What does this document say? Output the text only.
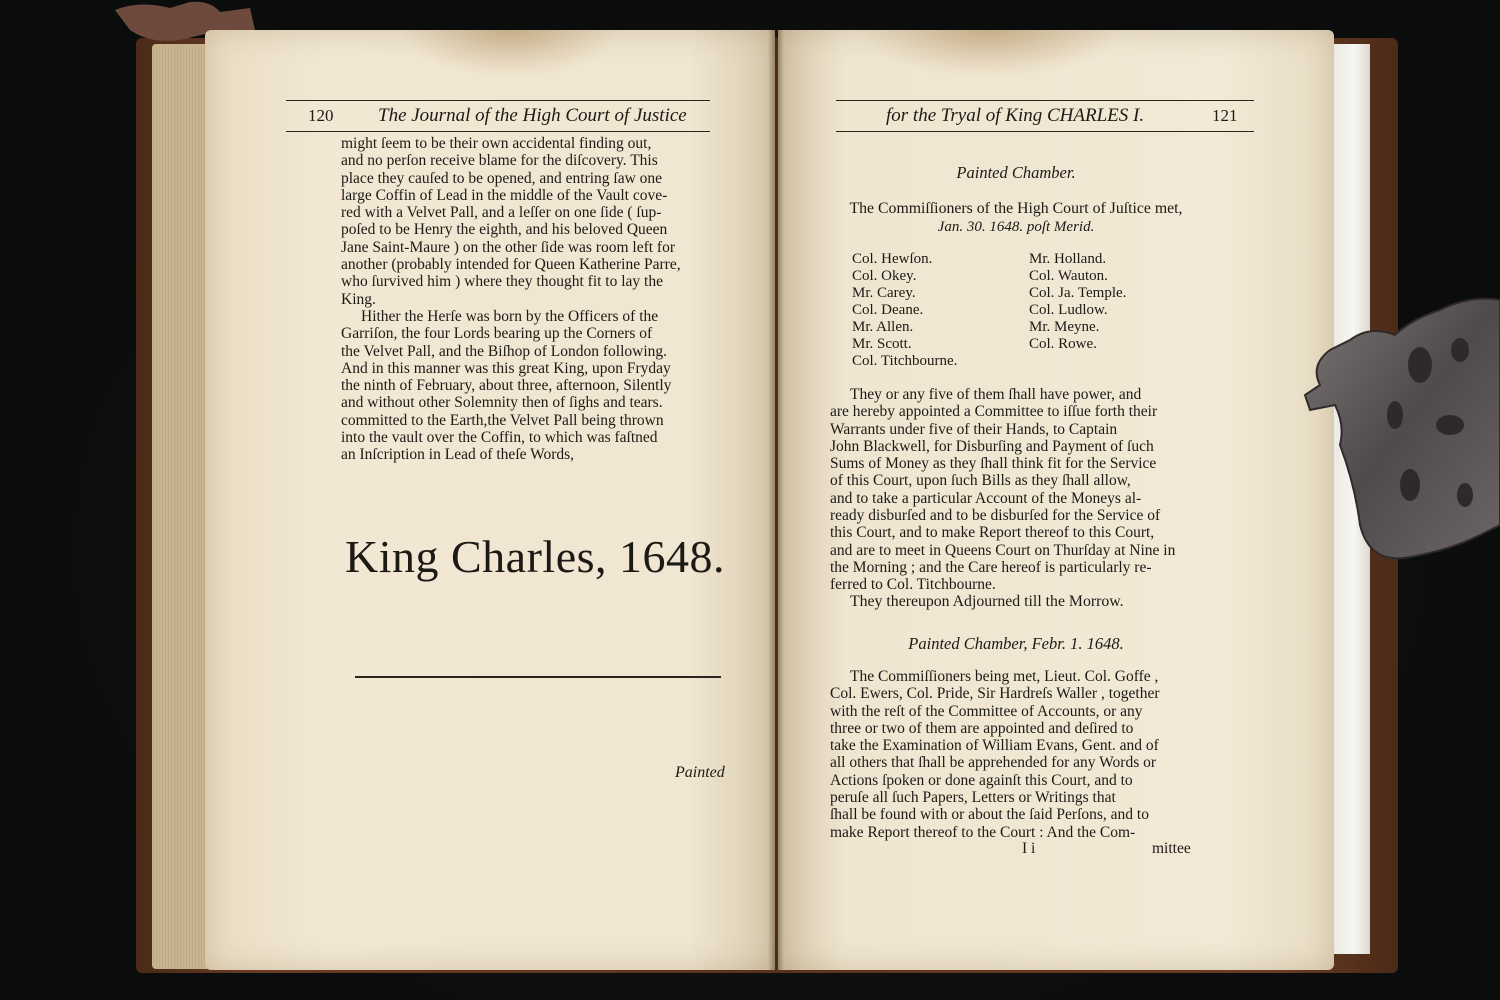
120 The Journal of the High Court of Justice

might ſeem to be their own accidental finding out,

and no perſon receive blame for the diſcovery. This

place they cauſed to be opened, and entring ſaw one

large Coffin of Lead in the middle of the Vault cove-

red with a Velvet Pall, and a leſſer on one ſide ( ſup-

poſed to be Henry the eighth, and his beloved Queen

Jane Saint-Maure ) on the other ſide was room left for

another (probably intended for Queen Katherine Parre,

who ſurvived him ) where they thought fit to lay the

King.

Hither the Herſe was born by the Officers of the

Garriſon, the four Lords bearing up the Corners of

the Velvet Pall, and the Biſhop of London following.

And in this manner was this great King, upon Fryday

the ninth of February, about three, afternoon, Silently

and without other Solemnity then of ſighs and tears.

committed to the Earth,the Velvet Pall being thrown

into the vault over the Coffin, to which was faſtned

an Inſcription in Lead of theſe Words,

King Charles, 1648.
Painted
for the Tryal of King CHARLES I.	121
Painted Chamber.
The Commiſſioners of the High Court of Juſtice met,
Jan. 30. 1648. poſt Merid.
Col. Hewſon.
Col. Okey.
Mr. Carey.
Col. Deane.
Mr. Allen.
Mr. Scott.
Col. Titchbourne.
Mr. Holland.
Col. Wauton.
Col. Ja. Temple.
Col. Ludlow.
Mr. Meyne.
Col. Rowe.

They or any five of them ſhall have power, and

are hereby appointed a Committee to iſſue forth their

Warrants under five of their Hands, to Captain

John Blackwell, for Disburſing and Payment of ſuch

Sums of Money as they ſhall think fit for the Service

of this Court, upon ſuch Bills as they ſhall allow,

and to take a particular Account of the Moneys al-

ready disburſed and to be disburſed for the Service of

this Court, and to make Report thereof to this Court,

and are to meet in Queens Court on Thurſday at Nine in

the Morning ; and the Care hereof is particularly re-

ferred to Col. Titchbourne.

They thereupon Adjourned till the Morrow.
Painted Chamber, Febr. 1. 1648.

The Commiſſioners being met, Lieut. Col. Goffe ,

Col. Ewers, Col. Pride, Sir Hardreſs Waller , together

with the reſt of the Committee of Accounts, or any

three or two of them are appointed and deſired to

take the Examination of William Evans, Gent. and of

all others that ſhall be apprehended for any Words or

Actions ſpoken or done againſt this Court, and to

peruſe all ſuch Papers, Letters or Writings that

ſhall be found with or about the ſaid Perſons, and to

make Report thereof to the Court : And the Com-

I i	mittee
